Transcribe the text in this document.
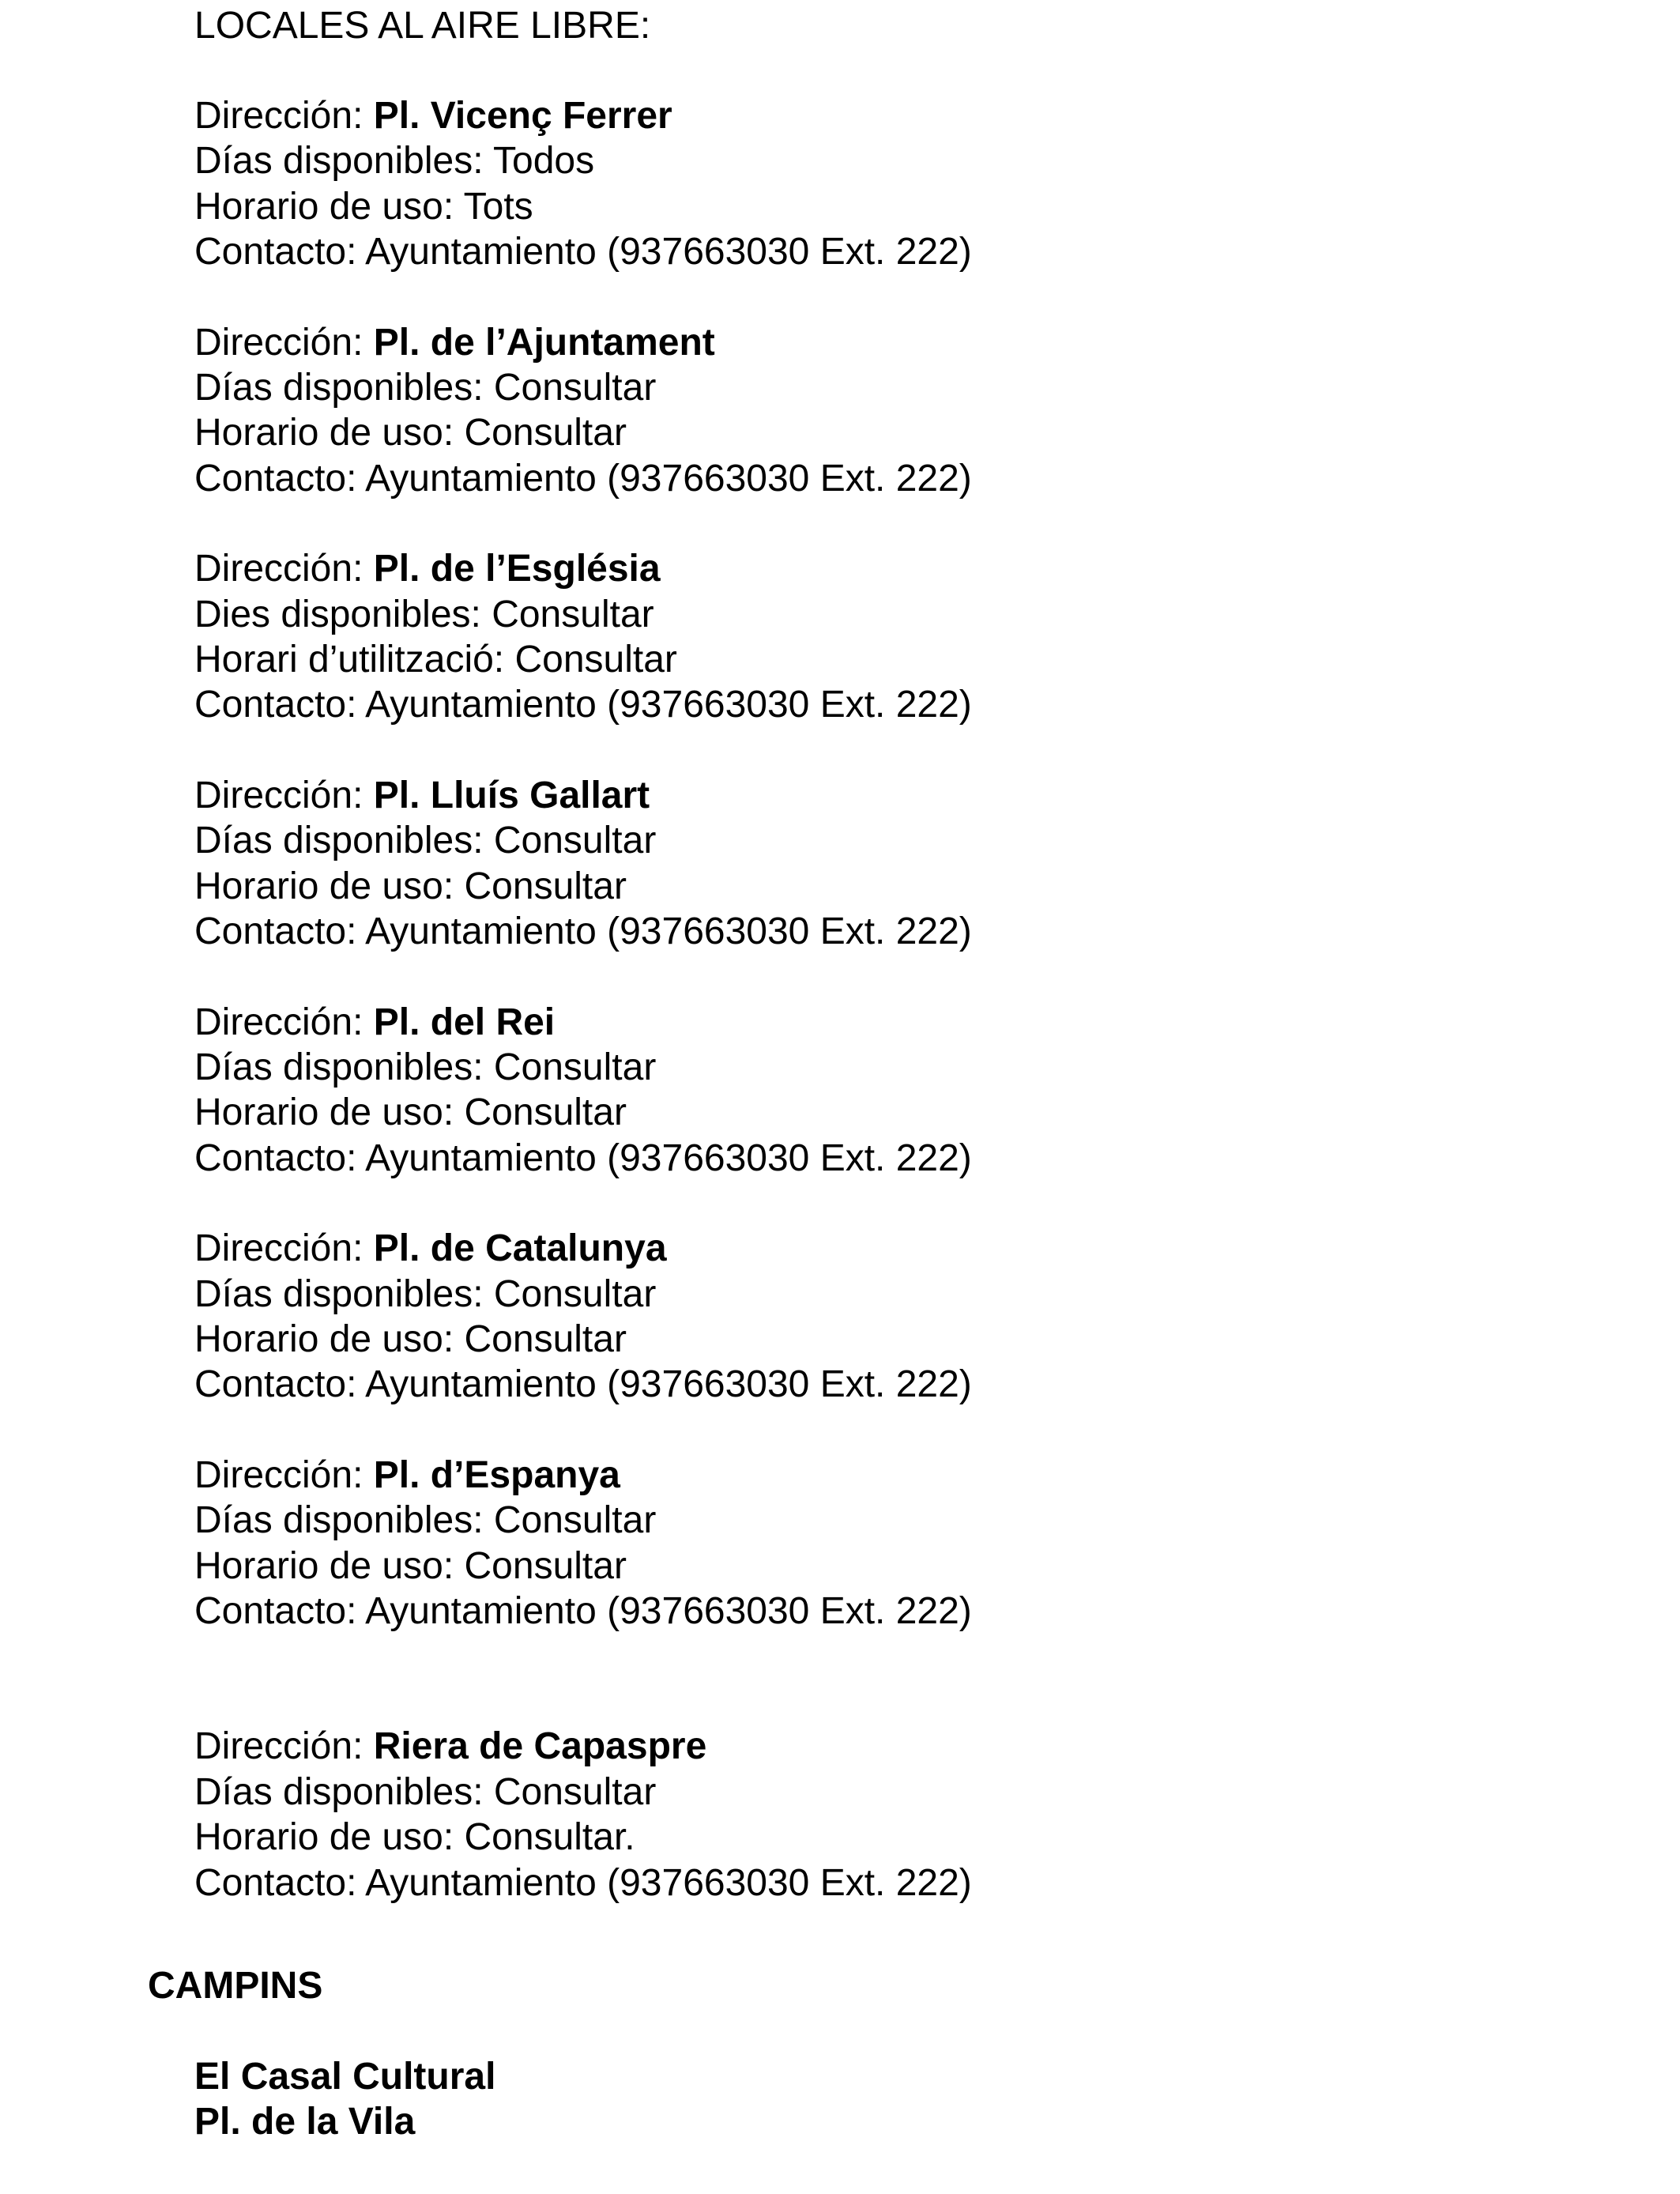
LOCALES AL AIRE LIBRE:
Dirección: Pl. Vicenç Ferrer
Días disponibles: Todos
Horario de uso: Tots
Contacto: Ayuntamiento (937663030 Ext. 222)
Dirección: Pl. de l’Ajuntament
Días disponibles: Consultar
Horario de uso: Consultar
Contacto: Ayuntamiento (937663030 Ext. 222)
Dirección: Pl. de l’Església
Dies disponibles: Consultar
Horari d’utilització: Consultar
Contacto: Ayuntamiento (937663030 Ext. 222)
Dirección: Pl. Lluís Gallart
Días disponibles: Consultar
Horario de uso: Consultar
Contacto: Ayuntamiento (937663030 Ext. 222)
Dirección: Pl. del Rei
Días disponibles: Consultar
Horario de uso: Consultar
Contacto: Ayuntamiento (937663030 Ext. 222)
Dirección: Pl. de Catalunya
Días disponibles: Consultar
Horario de uso: Consultar
Contacto: Ayuntamiento (937663030 Ext. 222)
Dirección: Pl. d’Espanya
Días disponibles: Consultar
Horario de uso: Consultar
Contacto: Ayuntamiento (937663030 Ext. 222)
Dirección: Riera de Capaspre
Días disponibles: Consultar
Horario de uso: Consultar.
Contacto: Ayuntamiento (937663030 Ext. 222)
CAMPINS
El Casal Cultural
Pl. de la Vila
